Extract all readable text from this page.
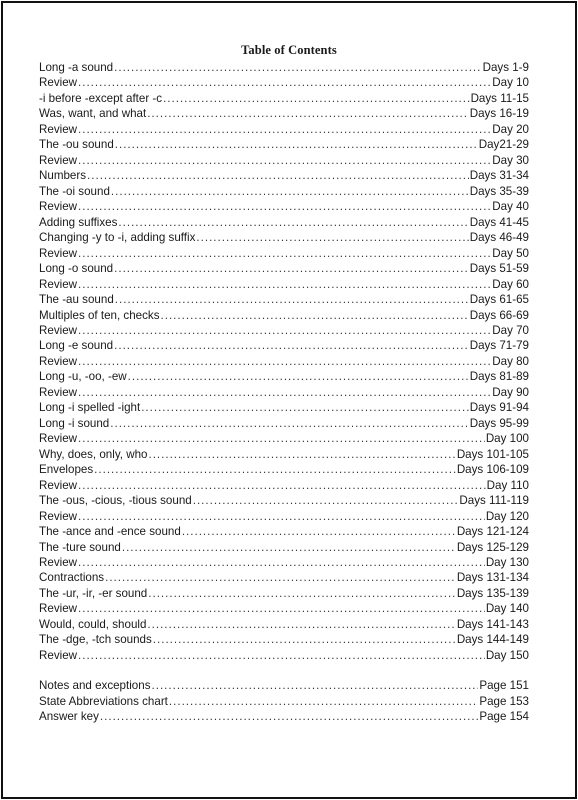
Table of Contents
Long -a sound .....	Days 1-9
Review .....	Day 10
-i before -except after -c .....	Days 11-15
Was, want, and what .....	Days 16-19
Review .....	Day 20
The -ou sound .....	Day21-29
Review .....	Day 30
Numbers .....	Days 31-34
The -oi sound .....	Days 35-39
Review .....	Day 40
Adding suffixes .....	Days 41-45
Changing -y to -i, adding suffix .....	Days 46-49
Review .....	Day 50
Long -o sound .....	Days 51-59
Review .....	Day 60
The -au sound .....	Days 61-65
Multiples of ten, checks .....	Days 66-69
Review .....	Day 70
Long -e sound .....	Days 71-79
Review .....	Day 80
Long -u, -oo, -ew .....	Days 81-89
Review .....	Day 90
Long -i spelled -ight .....	Days 91-94
Long -i sound .....	Days 95-99
Review .....	Day 100
Why, does, only, who .....	Days 101-105
Envelopes .....	Days 106-109
Review .....	Day 110
The -ous, -cious, -tious sound .....	Days 111-119
Review .....	Day 120
The -ance and -ence sound .....	Days 121-124
The -ture sound .....	Days 125-129
Review .....	Day 130
Contractions .....	Days 131-134
The -ur, -ir, -er sound .....	Days 135-139
Review .....	Day 140
Would, could, should .....	Days 141-143
The -dge, -tch sounds .....	Days 144-149
Review .....	Day 150
Notes and exceptions .....	Page 151
State Abbreviations chart .....	Page 153
Answer key .....	Page 154
